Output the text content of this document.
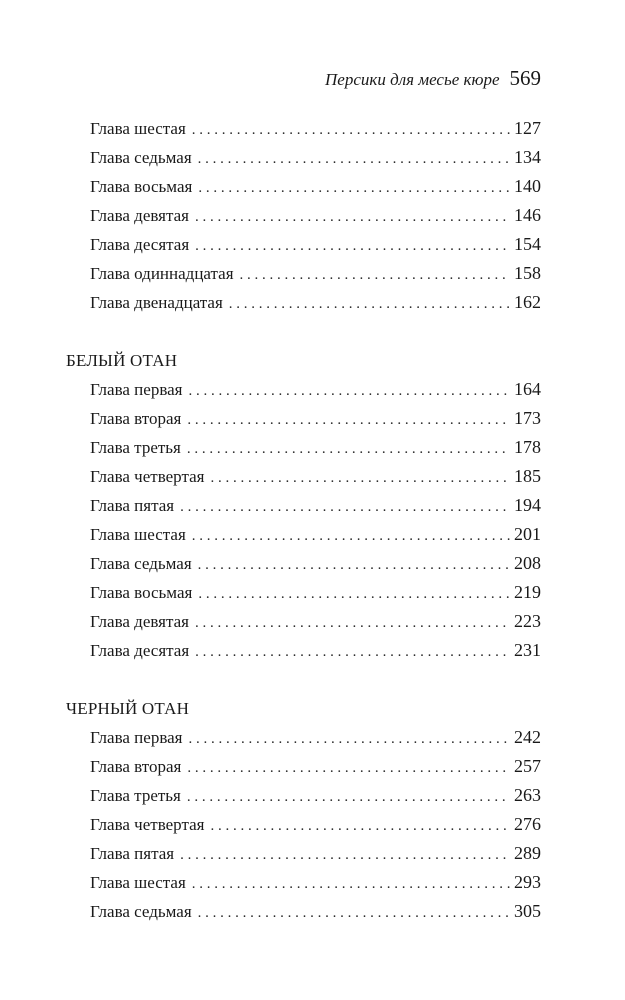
Персики для месье кюре 569
Глава шестая . . .	127
Глава седьмая . . .	134
Глава восьмая . . .	140
Глава девятая . . .	146
Глава десятая . . .	154
Глава одиннадцатая . . .	158
Глава двенадцатая . . .	162
БЕЛЫЙ ОТАН
Глава первая . . .	164
Глава вторая . . .	173
Глава третья . . .	178
Глава четвертая . . .	185
Глава пятая . . .	194
Глава шестая . . .	201
Глава седьмая . . .	208
Глава восьмая . . .	219
Глава девятая . . .	223
Глава десятая . . .	231
ЧЕРНЫЙ ОТАН
Глава первая . . .	242
Глава вторая . . .	257
Глава третья . . .	263
Глава четвертая . . .	276
Глава пятая . . .	289
Глава шестая . . .	293
Глава седьмая . . .	305
